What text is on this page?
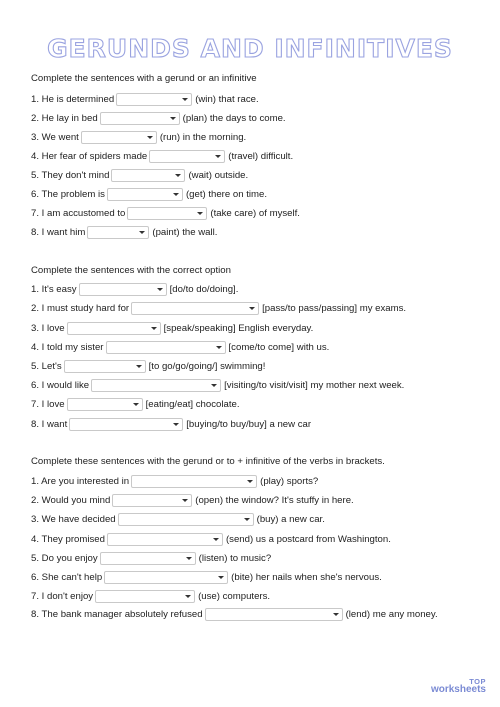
GERUNDS AND INFINITIVES
Complete the sentences with a gerund or an infinitive
1. He is determined	(win) that race.
2. He lay in bed	(plan) the days to come.
3. We went	(run) in the morning.
4. Her fear of spiders made	(travel) difficult.
5. They don't mind	(wait) outside.
6. The problem is	(get) there on time.
7. I am accustomed to	(take care) of myself.
8. I want him	(paint) the wall.
Complete the sentences with the correct option
1. It's easy	[do/to do/doing].
2. I must study hard for	[pass/to pass/passing] my exams.
3. I love	[speak/speaking] English everyday.
4. I told my sister	[come/to come] with us.
5. Let's	[to go/go/going/] swimming!
6. I would like	[visiting/to visit/visit] my mother next week.
7. I love	[eating/eat] chocolate.
8. I want	[buying/to buy/buy] a new car
Complete these sentences with the gerund or to + infinitive of the verbs in brackets.
1. Are you interested in	(play) sports?
2. Would you mind	(open) the window? It's stuffy in here.
3. We have decided	(buy) a new car.
4. They promised	(send) us a postcard from Washington.
5. Do you enjoy	(listen) to music?
6. She can't help	(bite) her nails when she's nervous.
7. I don't enjoy	(use) computers.
8. The bank manager absolutely refused	(lend) me any money.
TOP
worksheets
